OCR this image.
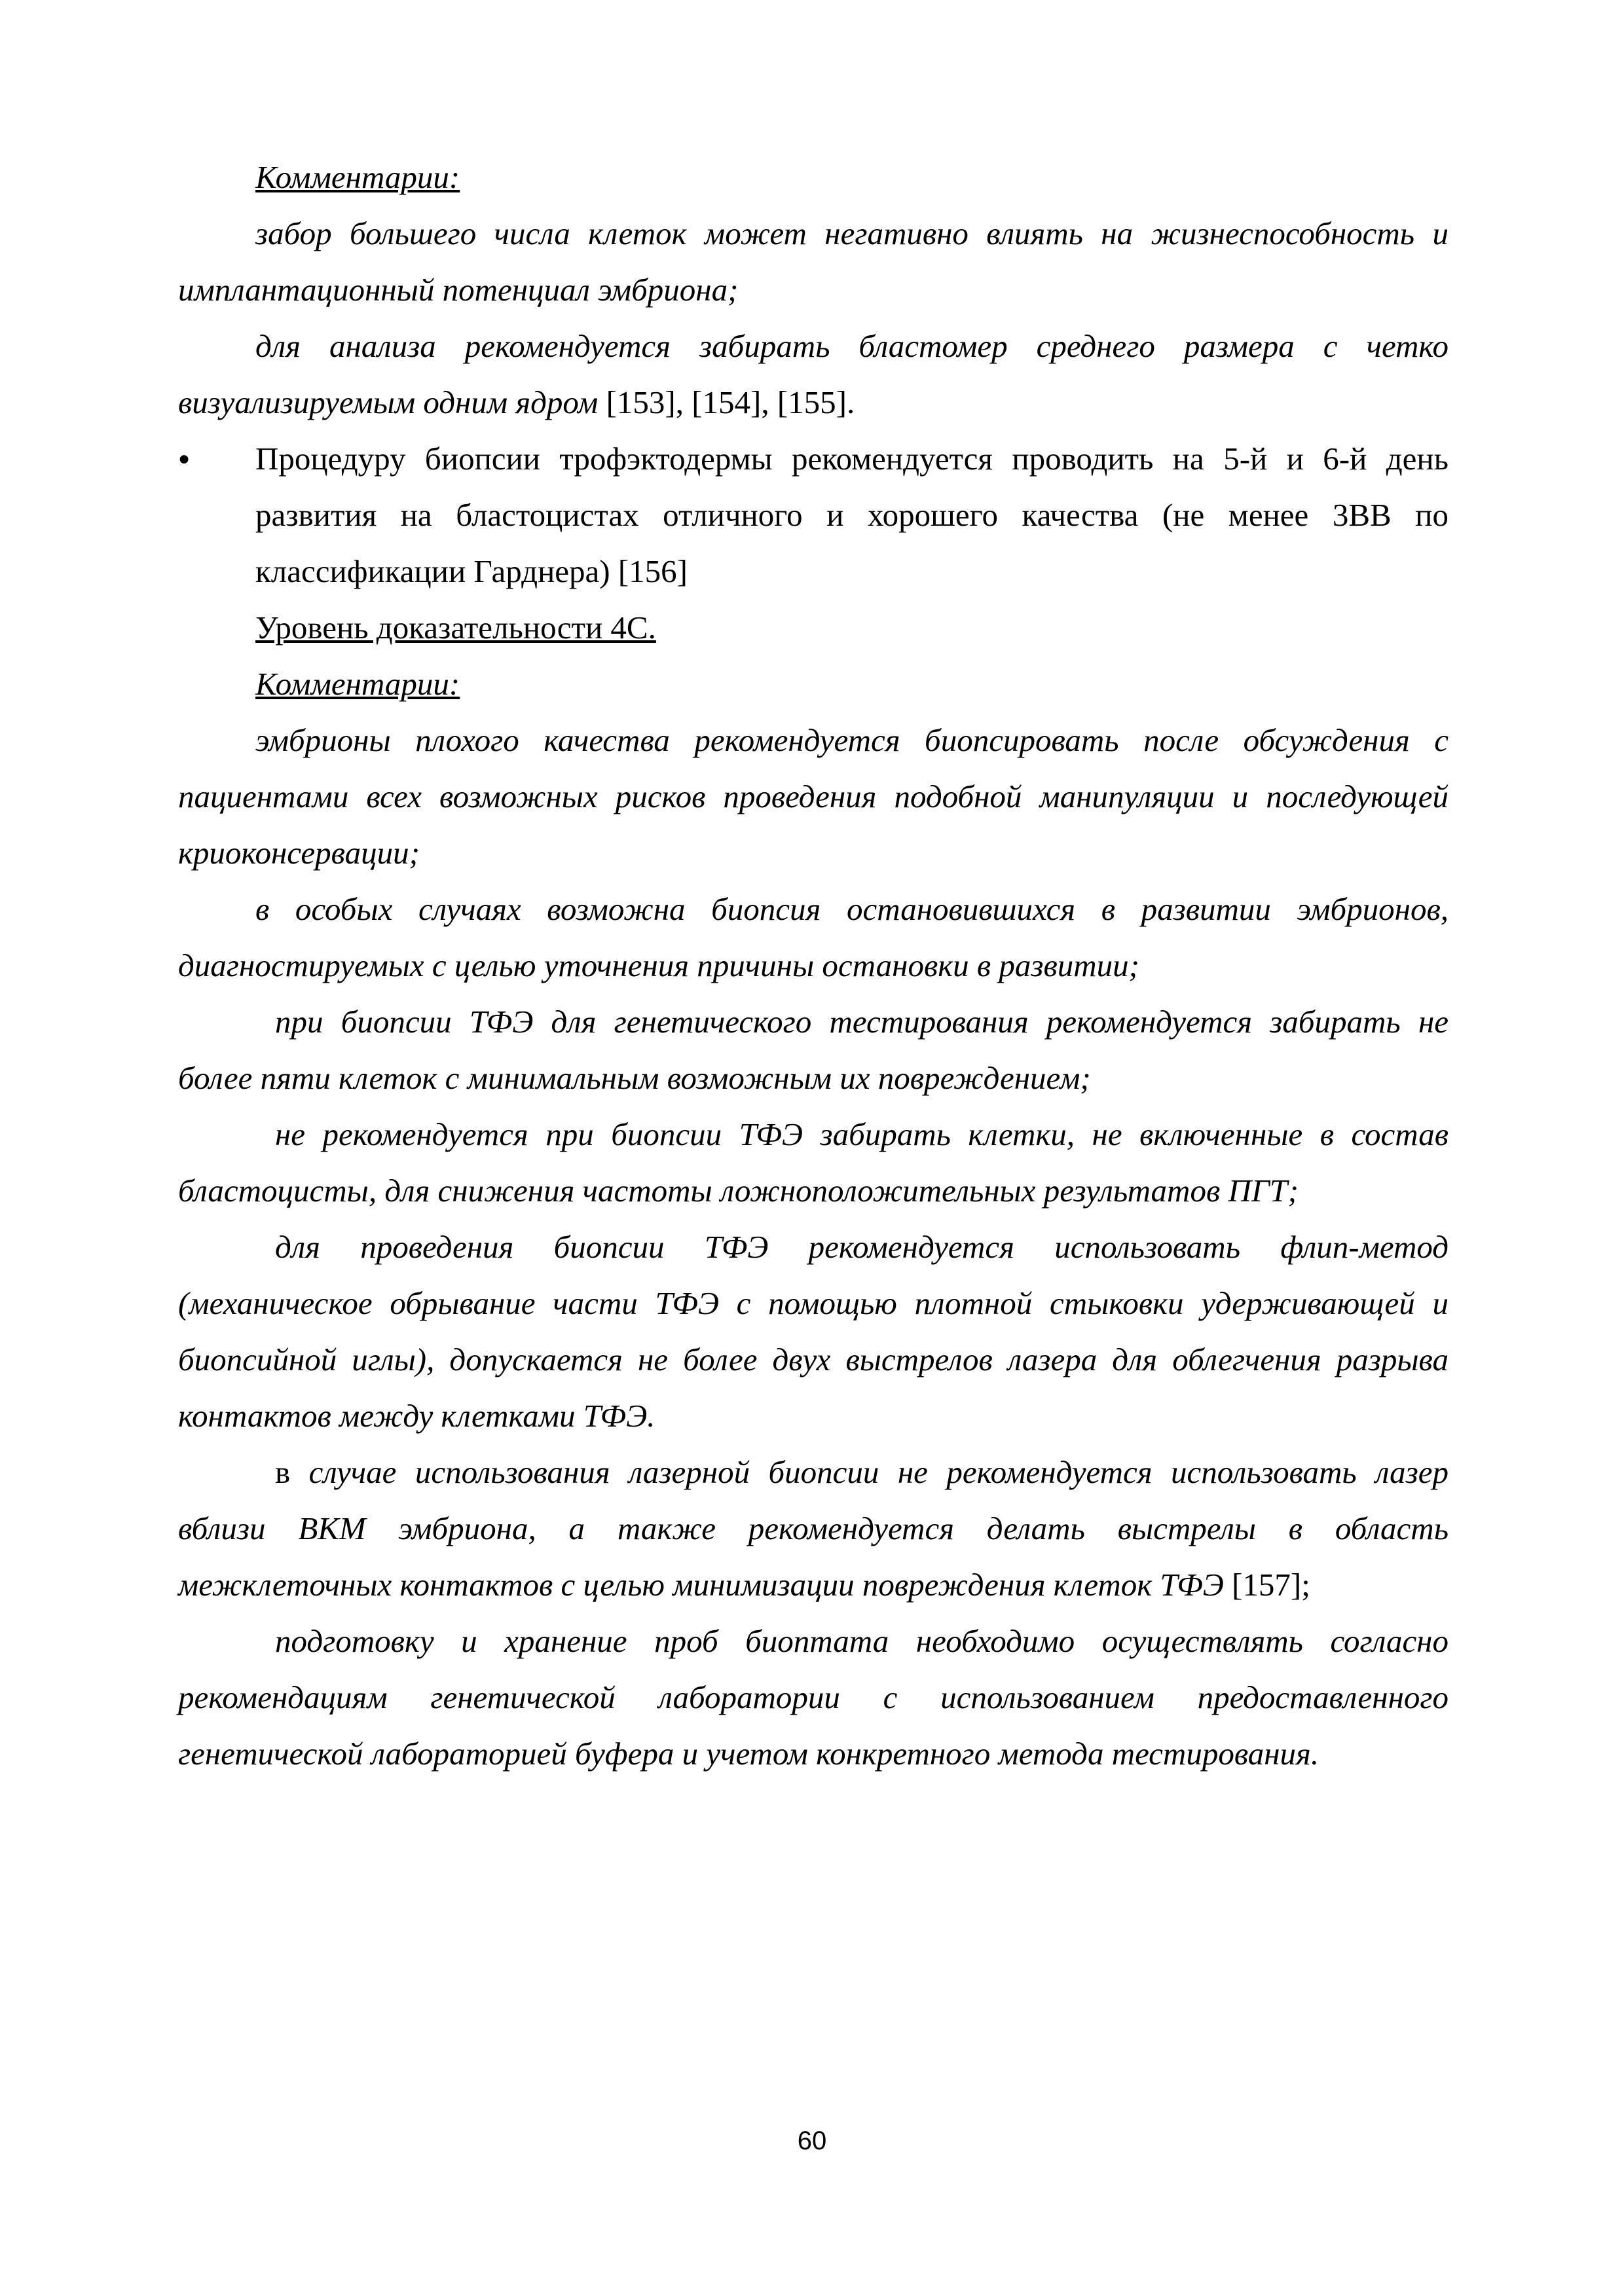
Комментарии:

забор большего числа клеток может негативно влиять на жизнеспособность и имплантационный потенциал эмбриона;

для анализа рекомендуется забирать бластомер среднего размера с четко визуализируемым одним ядром [153], [154], [155].

●	Процедуру биопсии трофэктодермы рекомендуется проводить на 5-й и 6-й день развития на бластоцистах отличного и хорошего качества (не менее 3ВВ по классификации Гарднера) [156]

Уровень доказательности 4С.

Комментарии:

эмбрионы плохого качества рекомендуется биопсировать после обсуждения с пациентами всех возможных рисков проведения подобной манипуляции и последующей криоконсервации;

в особых случаях возможна биопсия остановившихся в развитии эмбрионов, диагностируемых с целью уточнения причины остановки в развитии;

при биопсии ТФЭ для генетического тестирования рекомендуется забирать не более пяти клеток с минимальным возможным их повреждением;

не рекомендуется при биопсии ТФЭ забирать клетки, не включенные в состав бластоцисты, для снижения частоты ложноположительных результатов ПГТ;

для проведения биопсии ТФЭ рекомендуется использовать флип-метод (механическое обрывание части ТФЭ с помощью плотной стыковки удерживающей и биопсийной иглы), допускается не более двух выстрелов лазера для облегчения разрыва контактов между клетками ТФЭ.

в случае использования лазерной биопсии не рекомендуется использовать лазер вблизи ВКМ эмбриона, а также рекомендуется делать выстрелы в область межклеточных контактов с целью минимизации повреждения клеток ТФЭ [157];

подготовку и хранение проб биоптата необходимо осуществлять согласно рекомендациям генетической лаборатории с использованием предоставленного генетической лабораторией буфера и учетом конкретного метода тестирования.

60
